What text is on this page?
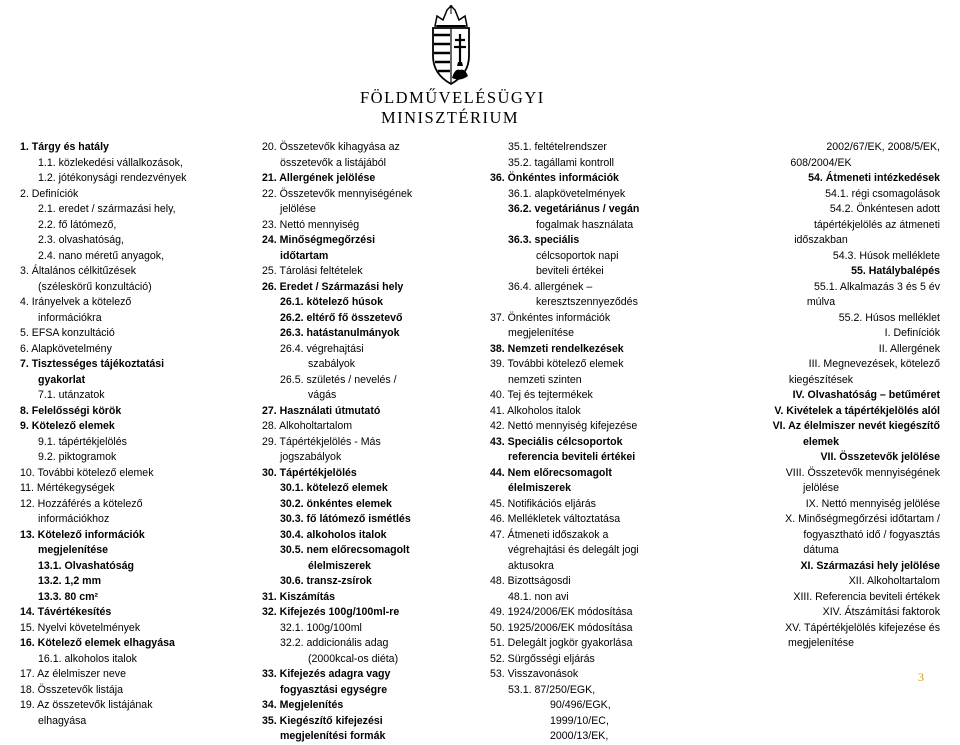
FÖLDMŰVELÉSÜGYI
MINISZTÉRIUM
1. Tárgy és hatály
1.1. közlekedési vállalkozások,
1.2. jótékonysági rendezvények
2. Definíciók
2.1. eredet / származási hely,
2.2. fő látómező,
2.3. olvashatóság,
2.4. nano méretű anyagok,
3. Általános célkitűzések
(széleskörű konzultáció)
4. Irányelvek a kötelező
információkra
5. EFSA konzultáció
6. Alapkövetelmény
7. Tisztességes tájékoztatási
gyakorlat
7.1. utánzatok
8. Felelősségi körök
9. Kötelező elemek
9.1. tápértékjelölés
9.2. piktogramok
10. További kötelező elemek
11. Mértékegységek
12. Hozzáférés a kötelező
információkhoz
13. Kötelező információk
megjelenítése
13.1. Olvashatóság
13.2. 1,2 mm
13.3. 80 cm²
14. Távértékesítés
15. Nyelvi követelmények
16. Kötelező elemek elhagyása
16.1. alkoholos italok
17. Az élelmiszer neve
18. Összetevők listája
19. Az összetevők listájának
elhagyása
20. Összetevők kihagyása az
összetevők a listájából
21. Allergének jelölése
22. Összetevők mennyiségének
jelölése
23. Nettó mennyiség
24. Minőségmegőrzési
időtartam
25. Tárolási feltételek
26. Eredet / Származási hely
26.1. kötelező húsok
26.2. eltérő fő összetevő
26.3. hatástanulmányok
26.4. végrehajtási
szabályok
26.5. születés / nevelés /
vágás
27. Használati útmutató
28. Alkoholtartalom
29. Tápértékjelölés - Más
jogszabályok
30. Tápértékjelölés
30.1. kötelező elemek
30.2. önkéntes elemek
30.3. fő látómező ismétlés
30.4. alkoholos italok
30.5. nem előrecsomagolt
élelmiszerek
30.6. transz-zsírok
31. Kiszámítás
32. Kifejezés 100g/100ml-re
32.1. 100g/100ml
32.2. addicionális adag
(2000kcal-os diéta)
33. Kifejezés adagra vagy
fogyasztási egységre
34. Megjelenítés
35. Kiegészítő kifejezési
megjelenítési formák
35.1. feltételrendszer
35.2. tagállami kontroll
36. Önkéntes információk
36.1. alapkövetelmények
36.2. vegetáriánus / vegán
fogalmak használata
36.3. speciális
célcsoportok napi
beviteli értékei
36.4. allergének –
keresztszennyeződés
37. Önkéntes információk
megjelenítése
38. Nemzeti rendelkezések
39. További kötelező elemek
nemzeti szinten
40. Tej és tejtermékek
41. Alkoholos italok
42. Nettó mennyiség kifejezése
43. Speciális célcsoportok
referencia beviteli értékei
44. Nem előrecsomagolt
élelmiszerek
45. Notifikációs eljárás
46. Mellékletek változtatása
47. Átmeneti időszakok a
végrehajtási és delegált jogi
aktusokra
48. Bizottságosdi
48.1. non avi
49. 1924/2006/EK módosítása
50. 1925/2006/EK módosítása
51. Delegált jogkör gyakorlása
52. Sürgősségi eljárás
53. Visszavonások
53.1. 87/250/EGK,
90/496/EGK,
1999/10/EC,
2000/13/EK,
2002/67/EK, 2008/5/EK,
608/2004/EK
54. Átmeneti intézkedések
54.1. régi csomagolások
54.2. Önkéntesen adott
tápértékjelölés az átmeneti
időszakban
54.3. Húsok melléklete
55. Hatálybalépés
55.1. Alkalmazás 3 és 5 év
múlva
55.2. Húsos melléklet
I. Definíciók
II. Allergének
III. Megnevezések, kötelező
kiegészítések
IV. Olvashatóság – betűméret
V. Kivételek a tápértékjelölés alól
VI. Az élelmiszer nevét kiegészítő
elemek
VII. Összetevők jelölése
VIII. Összetevők mennyiségének
jelölése
IX. Nettó mennyiség jelölése
X. Minőségmegőrzési időtartam /
fogyasztható idő / fogyasztás
dátuma
XI. Származási hely jelölése
XII. Alkoholtartalom
XIII. Referencia beviteli értékek
XIV. Átszámítási faktorok
XV. Tápértékjelölés kifejezése és
megjelenítése
3
